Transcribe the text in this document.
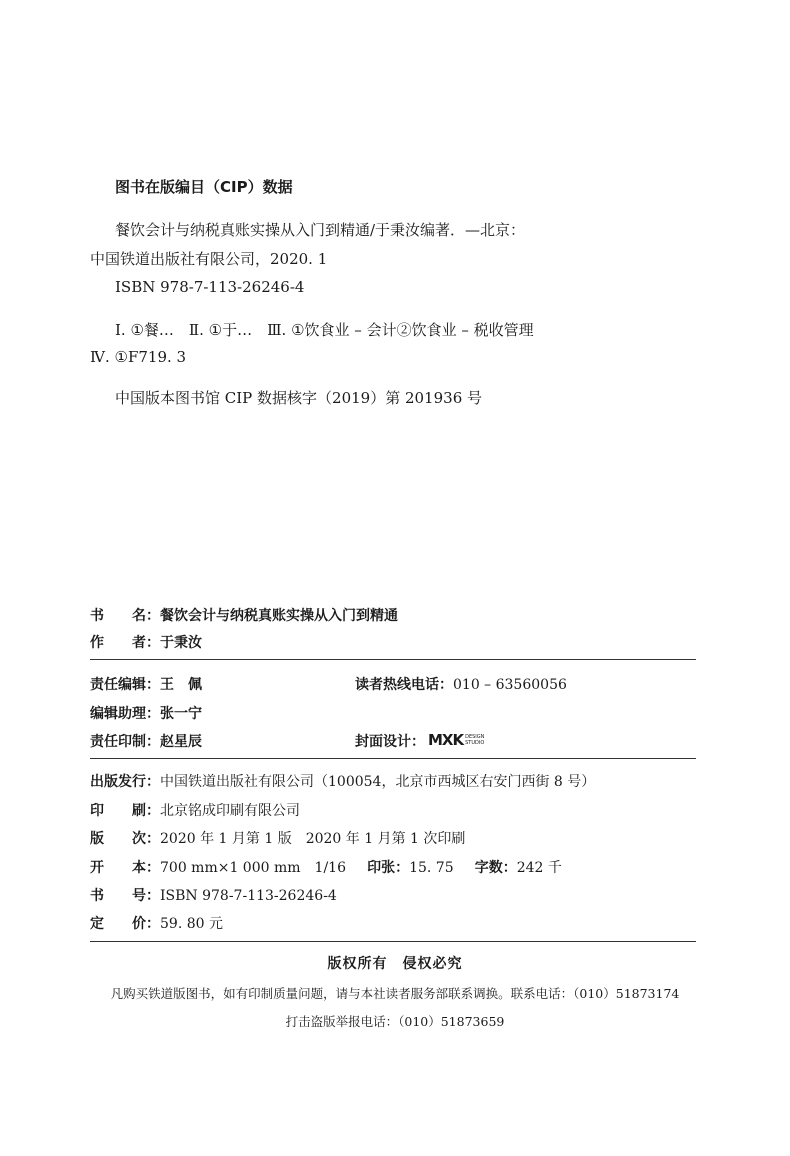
图书在版编目（CIP）数据
餐饮会计与纳税真账实操从入门到精通/于秉汝编著．—北京：
中国铁道出版社有限公司，2020. 1
ISBN 978-7-113-26246-4
Ⅰ. ①餐…　Ⅱ. ①于…　Ⅲ. ①饮食业 – 会计②饮食业 – 税收管理
Ⅳ. ①F719. 3
中国版本图书馆 CIP 数据核字（2019）第 201936 号
书　　名：餐饮会计与纳税真账实操从入门到精通
作　　者：于秉汝
责任编辑：王　佩	读者热线电话：010 – 63560056
编辑助理：张一宁
责任印制：赵星辰	封面设计： MXK DESIGN
STUDIO
出版发行：中国铁道出版社有限公司（100054，北京市西城区右安门西街 8 号）
印　　刷：北京铭成印刷有限公司
版　　次：2020 年 1 月第 1 版　2020 年 1 月第 1 次印刷
开　　本：700 mm×1 000 mm　1/16 印张：15. 75 字数：242 千
书　　号：ISBN 978-7-113-26246-4
定　　价：59. 80 元
版权所有　侵权必究
凡购买铁道版图书，如有印制质量问题，请与本社读者服务部联系调换。联系电话：（010）51873174
打击盗版举报电话：（010）51873659
